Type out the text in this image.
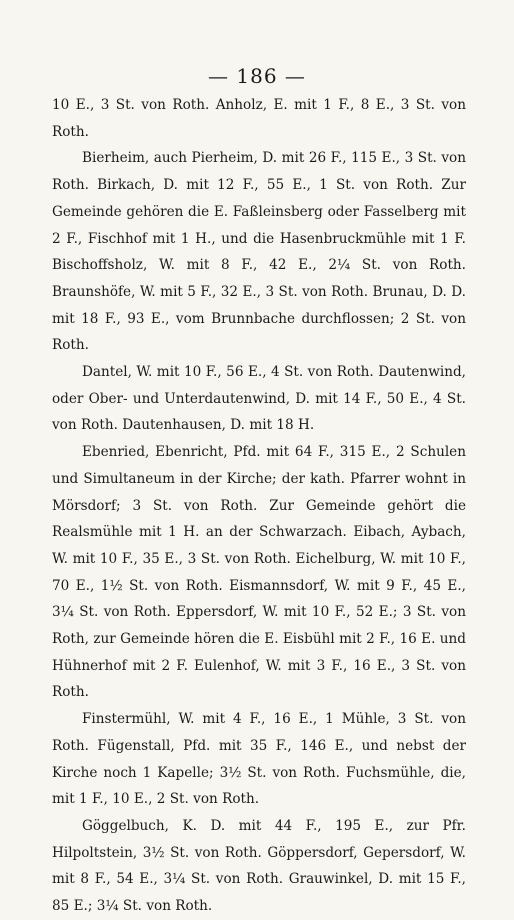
— 186 —

10 E., 3 St. von Roth. Anholz, E. mit 1 F., 8 E., 3 St. von Roth.

Bierheim, auch Pierheim, D. mit 26 F., 115 E., 3 St. von Roth. Birkach, D. mit 12 F., 55 E., 1 St. von Roth. Zur Gemeinde gehören die E. Faßleinsberg oder Fasselberg mit 2 F., Fischhof mit 1 H., und die Hasenbruckmühle mit 1 F. Bischoffsholz, W. mit 8 F., 42 E., 2¼ St. von Roth. Braunshöfe, W. mit 5 F., 32 E., 3 St. von Roth. Brunau, D. D. mit 18 F., 93 E., vom Brunnbache durchflossen; 2 St. von Roth.

Dantel, W. mit 10 F., 56 E., 4 St. von Roth. Dautenwind, oder Ober- und Unterdautenwind, D. mit 14 F., 50 E., 4 St. von Roth. Dautenhausen, D. mit 18 H.

Ebenried, Ebenricht, Pfd. mit 64 F., 315 E., 2 Schulen und Simultaneum in der Kirche; der kath. Pfarrer wohnt in Mörsdorf; 3 St. von Roth. Zur Gemeinde gehört die Realsmühle mit 1 H. an der Schwarzach. Eibach, Aybach, W. mit 10 F., 35 E., 3 St. von Roth. Eichelburg, W. mit 10 F., 70 E., 1½ St. von Roth. Eismannsdorf, W. mit 9 F., 45 E., 3¼ St. von Roth. Eppersdorf, W. mit 10 F., 52 E.; 3 St. von Roth, zur Gemeinde hören die E. Eisbühl mit 2 F., 16 E. und Hühnerhof mit 2 F. Eulenhof, W. mit 3 F., 16 E., 3 St. von Roth.

Finstermühl, W. mit 4 F., 16 E., 1 Mühle, 3 St. von Roth. Fügenstall, Pfd. mit 35 F., 146 E., und nebst der Kirche noch 1 Kapelle; 3½ St. von Roth. Fuchsmühle, die, mit 1 F., 10 E., 2 St. von Roth.

Göggelbuch, K. D. mit 44 F., 195 E., zur Pfr. Hilpoltstein, 3½ St. von Roth. Göppersdorf, Gepersdorf, W. mit 8 F., 54 E., 3¼ St. von Roth. Grauwinkel, D. mit 15 F., 85 E.; 3¼ St. von Roth.
